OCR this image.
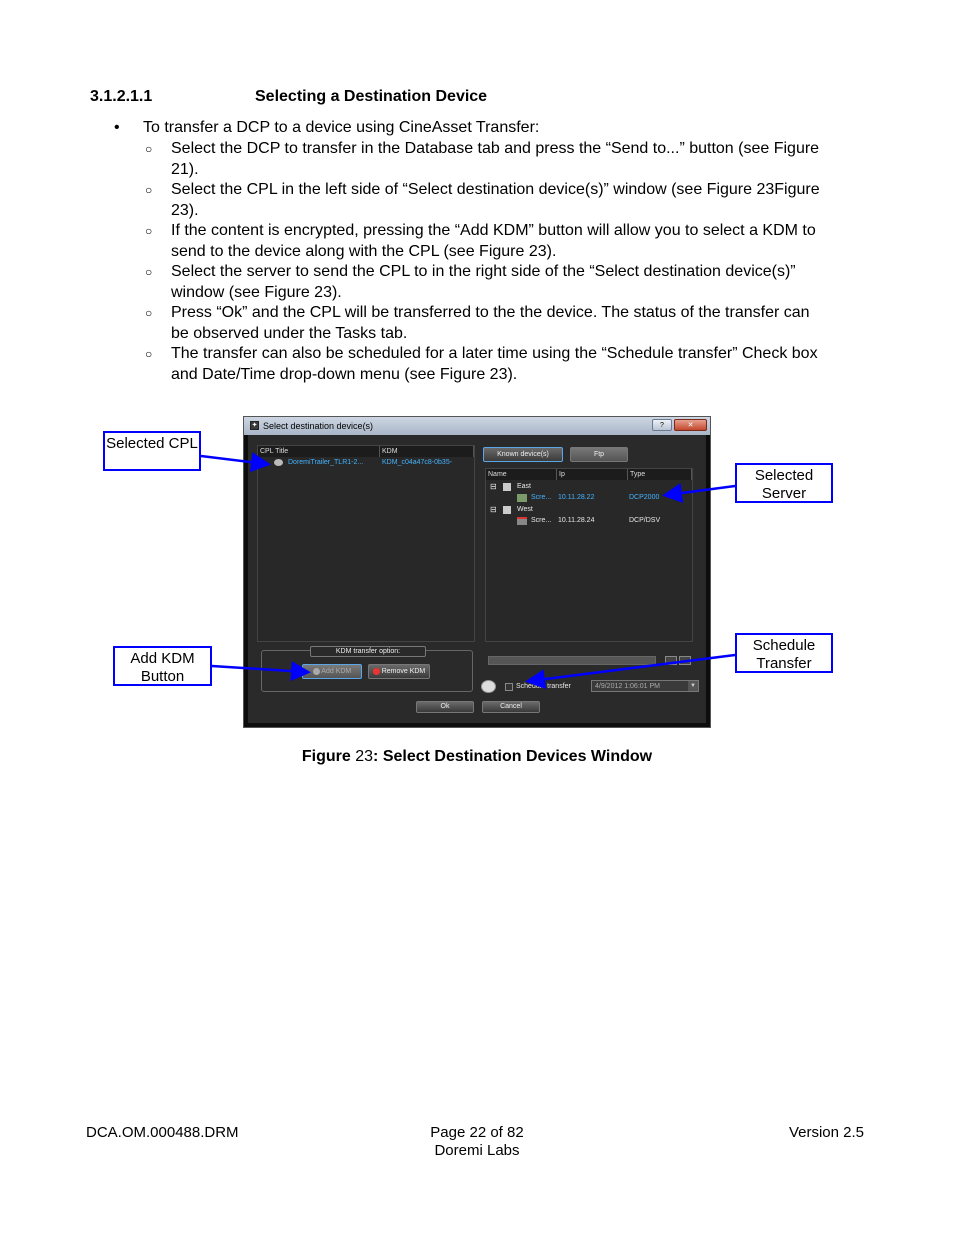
3.1.2.1.1	Selecting a Destination Device
• To transfer a DCP to a device using CineAsset Transfer:
○ Select the DCP to transfer in the Database tab and press the “Send to...” button (see Figure
21).
○ Select the CPL in the left side of “Select destination device(s)” window (see Figure 23Figure
23).
○ If the content is encrypted, pressing the “Add KDM” button will allow you to select a KDM to
send to the device along with the CPL (see Figure 23).
○ Select the server to send the CPL to in the right side of the “Select destination device(s)”
window (see Figure 23).
○ Press “Ok” and the CPL will be transferred to the the device. The status of the transfer can
be observed under the Tasks tab.
○ The transfer can also be scheduled for a later time using the “Schedule transfer” Check box
and Date/Time drop-down menu (see Figure 23).
✦ Select destination device(s)	?	✕
CPL Title	KDM
DoremiTrailer_TLR1-2...	KDM_c04a47c8-0b35-
Known device(s)	Ftp
Name	Ip	Type
⊟	East
Scre... 10.11.28.22	DCP2000
⊟	West
Scre... 10.11.28.24	DCP/DSV
KDM transfer option:
Add KDM	Remove KDM
Schedule transfer	4/9/2012 1:06:01 PM	▼
Ok	Cancel
Selected CPL
Selected
Server
Add KDM
Button
Schedule
Transfer
Figure 23: Select Destination Devices Window
DCA.OM.000488.DRM	Page 22 of 82
Doremi Labs
Version 2.5
